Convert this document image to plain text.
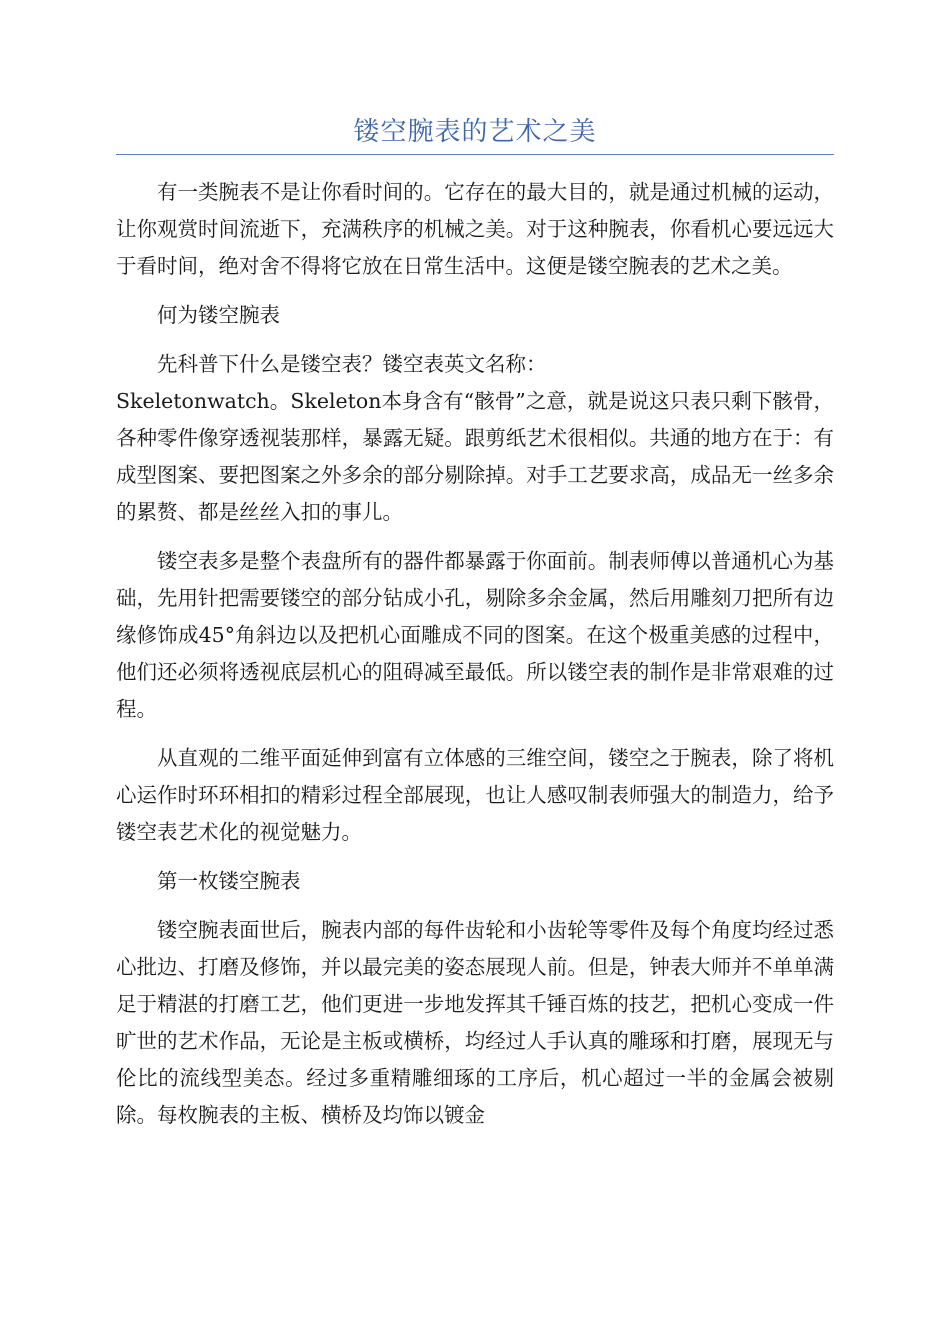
镂空腕表的艺术之美

有一类腕表不是让你看时间的。它存在的最大目的，就是通过机械的运动，让你观赏时间流逝下，充满秩序的机械之美。对于这种腕表，你看机心要远远大于看时间，绝对舍不得将它放在日常生活中。这便是镂空腕表的艺术之美。

何为镂空腕表

先科普下什么是镂空表？镂空表英文名称：

Skeletonwatch。Skeleton本身含有“骸骨”之意，就是说这只表只剩下骸骨，各种零件像穿透视装那样，暴露无疑。跟剪纸艺术很相似。共通的地方在于：有成型图案、要把图案之外多余的部分剔除掉。对手工艺要求高，成品无一丝多余的累赘、都是丝丝入扣的事儿。

镂空表多是整个表盘所有的器件都暴露于你面前。制表师傅以普通机心为基础，先用针把需要镂空的部分钻成小孔，剔除多余金属，然后用雕刻刀把所有边缘修饰成45°角斜边以及把机心面雕成不同的图案。在这个极重美感的过程中，他们还必须将透视底层机心的阻碍减至最低。所以镂空表的制作是非常艰难的过程。

从直观的二维平面延伸到富有立体感的三维空间，镂空之于腕表，除了将机心运作时环环相扣的精彩过程全部展现，也让人感叹制表师强大的制造力，给予镂空表艺术化的视觉魅力。

第一枚镂空腕表

镂空腕表面世后，腕表内部的每件齿轮和小齿轮等零件及每个角度均经过悉心批边、打磨及修饰，并以最完美的姿态展现人前。但是，钟表大师并不单单满足于精湛的打磨工艺，他们更进一步地发挥其千锤百炼的技艺，把机心变成一件旷世的艺术作品，无论是主板或横桥，均经过人手认真的雕琢和打磨，展现无与伦比的流线型美态。经过多重精雕细琢的工序后，机心超过一半的金属会被剔除。每枚腕表的主板、横桥及均饰以镀金
